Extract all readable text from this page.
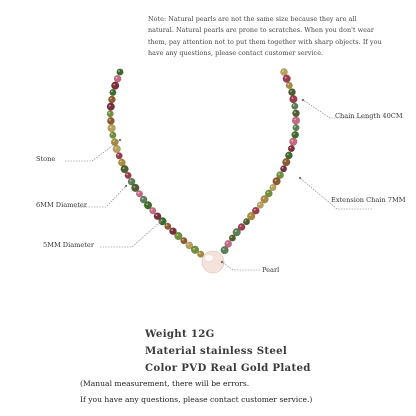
Note: Natural pearls are not the same size because they are all natural. Natural pearls are prone to scratches. When you don't wear them, pay attention not to put them together with sharp objects. If you have any questions, please contact customer service.
Stone
6MM Diameter
5MM Diameter
Chain Length 40CM
Extension Chain 7MM
Pearl
Weight 12G
Material stainless Steel
Color PVD Real Gold Plated
(Manual measurement, there will be errors.
If you have any questions, please contact customer service.)
